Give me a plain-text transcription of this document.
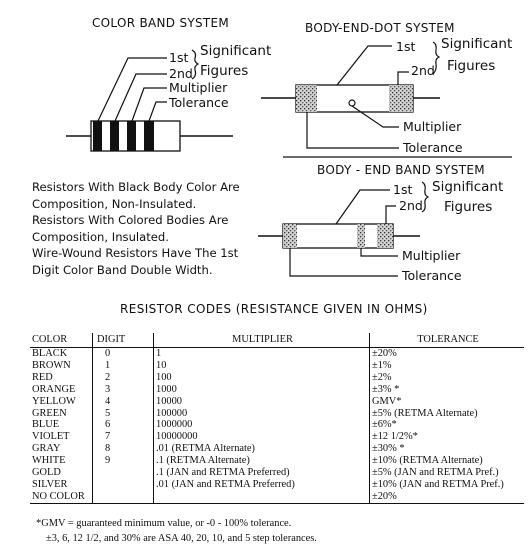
COLOR BAND SYSTEM
1st Significant
2nd Figures
Multiplier
Tolerance
BODY-END-DOT SYSTEM
1st Significant
2nd Figures
Multiplier
Tolerance
BODY - END BAND SYSTEM
1st Significant
2nd Figures
Multiplier
Tolerance
Resistors With Black Body Color Are
Composition, Non-Insulated.
Resistors With Colored Bodies Are
Composition, Insulated.
Wire-Wound Resistors Have The 1st
Digit Color Band Double Width.
RESISTOR CODES (RESISTANCE GIVEN IN OHMS)
COLOR	DIGIT	MULTIPLIER	TOLERANCE
BLACK	0	1	±20%
BROWN	1	10	±1%
RED	2	100	±2%
ORANGE	3	1000	±3% *
YELLOW	4	10000	GMV*
GREEN	5	100000	±5% (RETMA Alternate)
BLUE	6	1000000	±6%*
VIOLET	7	10000000	±12 1/2%*
GRAY	8	.01 (RETMA Alternate)	±30% *
WHITE	9	.1 (RETMA Alternate)	±10% (RETMA Alternate)
GOLD		.1 (JAN and RETMA Preferred)	±5% (JAN and RETMA Pref.)
SILVER		.01 (JAN and RETMA Preferred)	±10% (JAN and RETMA Pref.)
NO COLOR			±20%
*GMV = guaranteed minimum value, or -0 - 100% tolerance.
±3, 6, 12 1/2, and 30% are ASA 40, 20, 10, and 5 step tolerances.
